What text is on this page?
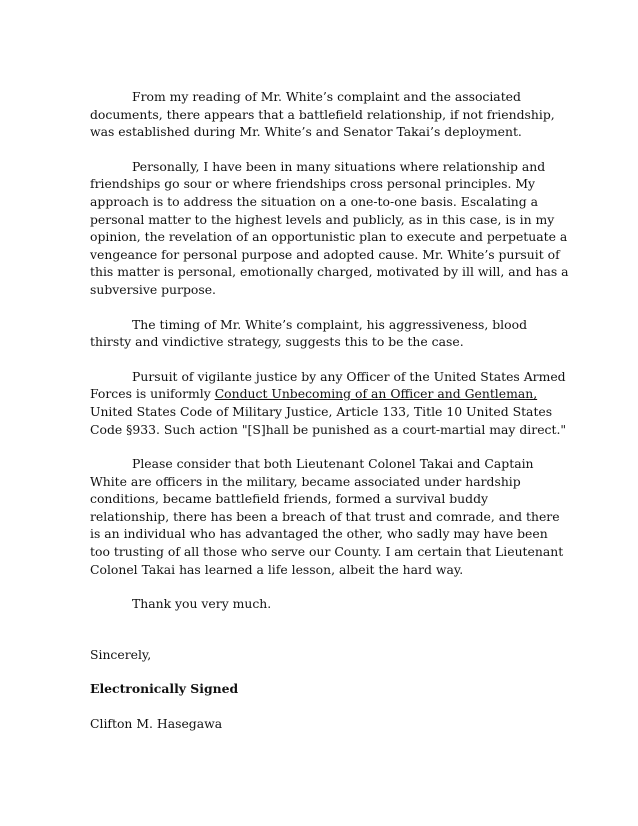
From my reading of Mr. White’s complaint and the associated documents, there appears that a battlefield relationship, if not friendship, was established during Mr. White’s and Senator Takai’s deployment.

Personally, I have been in many situations where relationship and friendships go sour or where friendships cross personal principles. My approach is to address the situation on a one-to-one basis. Escalating a personal matter to the highest levels and publicly, as in this case, is in my opinion, the revelation of an opportunistic plan to execute and perpetuate a vengeance for personal purpose and adopted cause. Mr. White’s pursuit of this matter is personal, emotionally charged, motivated by ill will, and has a subversive purpose.

The timing of Mr. White’s complaint, his aggressiveness, blood thirsty and vindictive strategy, suggests this to be the case.

Pursuit of vigilante justice by any Officer of the United States Armed Forces is uniformly Conduct Unbecoming of an Officer and Gentleman, United States Code of Military Justice, Article 133, Title 10 United States Code §933. Such action "[S]hall be punished as a court-martial may direct."

Please consider that both Lieutenant Colonel Takai and Captain White are officers in the military, became associated under hardship conditions, became battlefield friends, formed a survival buddy relationship, there has been a breach of that trust and comrade, and there is an individual who has advantaged the other, who sadly may have been too trusting of all those who serve our County. I am certain that Lieutenant Colonel Takai has learned a life lesson, albeit the hard way.

Thank you very much.

Sincerely,

Electronically Signed

Clifton M. Hasegawa
